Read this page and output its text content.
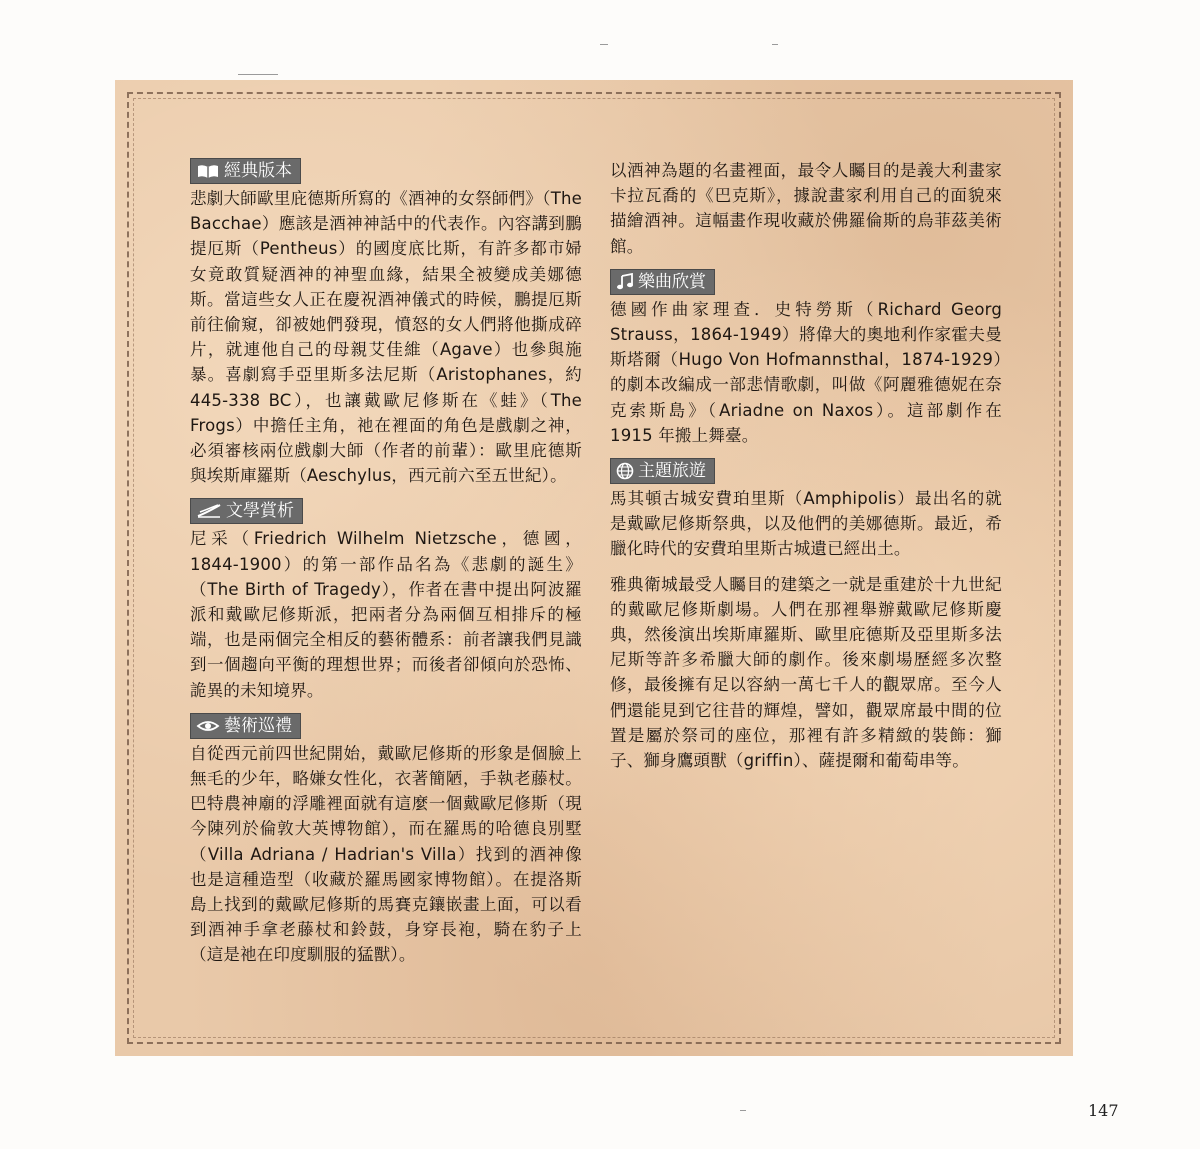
經典版本

悲劇大師歐里庇德斯所寫的《酒神的女祭師們》（The Bacchae）應該是酒神神話中的代表作。內容講到鵬提厄斯（Pentheus）的國度底比斯，有許多都市婦女竟敢質疑酒神的神聖血緣，結果全被變成美娜德斯。當這些女人正在慶祝酒神儀式的時候，鵬提厄斯前往偷窺，卻被她們發現，憤怒的女人們將他撕成碎片，就連他自己的母親艾佳維（Agave）也參與施暴。喜劇寫手亞里斯多法尼斯（Aristophanes，約445-338 BC），也讓戴歐尼修斯在《蛙》（The Frogs）中擔任主角，祂在裡面的角色是戲劇之神，必須審核兩位戲劇大師（作者的前輩）：歐里庇德斯與埃斯庫羅斯（Aeschylus，西元前六至五世紀）。

文學賞析

尼采（Friedrich Wilhelm Nietzsche，德國，1844-1900）的第一部作品名為《悲劇的誕生》（The Birth of Tragedy），作者在書中提出阿波羅派和戴歐尼修斯派，把兩者分為兩個互相排斥的極端，也是兩個完全相反的藝術體系：前者讓我們見識到一個趨向平衡的理想世界；而後者卻傾向於恐怖、詭異的未知境界。

藝術巡禮

自從西元前四世紀開始，戴歐尼修斯的形象是個臉上無毛的少年，略嫌女性化，衣著簡陋，手執老藤杖。巴特農神廟的浮雕裡面就有這麼一個戴歐尼修斯（現今陳列於倫敦大英博物館），而在羅馬的哈德良別墅（Villa Adriana / Hadrian's Villa）找到的酒神像也是這種造型（收藏於羅馬國家博物館）。在提洛斯島上找到的戴歐尼修斯的馬賽克鑲嵌畫上面，可以看到酒神手拿老藤杖和鈴鼓，身穿長袍，騎在豹子上（這是祂在印度馴服的猛獸）。

以酒神為題的名畫裡面，最令人矚目的是義大利畫家卡拉瓦喬的《巴克斯》，據說畫家利用自己的面貌來描繪酒神。這幅畫作現收藏於佛羅倫斯的烏菲茲美術館。

樂曲欣賞

德國作曲家理查．史特勞斯（Richard Georg Strauss，1864-1949）將偉大的奧地利作家霍夫曼斯塔爾（Hugo Von Hofmannsthal，1874-1929）的劇本改編成一部悲情歌劇，叫做《阿麗雅德妮在奈克索斯島》（Ariadne on Naxos）。這部劇作在 1915 年搬上舞臺。

主題旅遊

馬其頓古城安費珀里斯（Amphipolis）最出名的就是戴歐尼修斯祭典，以及他們的美娜德斯。最近，希臘化時代的安費珀里斯古城遺已經出土。

雅典衛城最受人矚目的建築之一就是重建於十九世紀的戴歐尼修斯劇場。人們在那裡舉辦戴歐尼修斯慶典，然後演出埃斯庫羅斯、歐里庇德斯及亞里斯多法尼斯等許多希臘大師的劇作。後來劇場歷經多次整修，最後擁有足以容納一萬七千人的觀眾席。至今人們還能見到它往昔的輝煌，譬如，觀眾席最中間的位置是屬於祭司的座位，那裡有許多精緻的裝飾：獅子、獅身鷹頭獸（griffin）、薩提爾和葡萄串等。

147
